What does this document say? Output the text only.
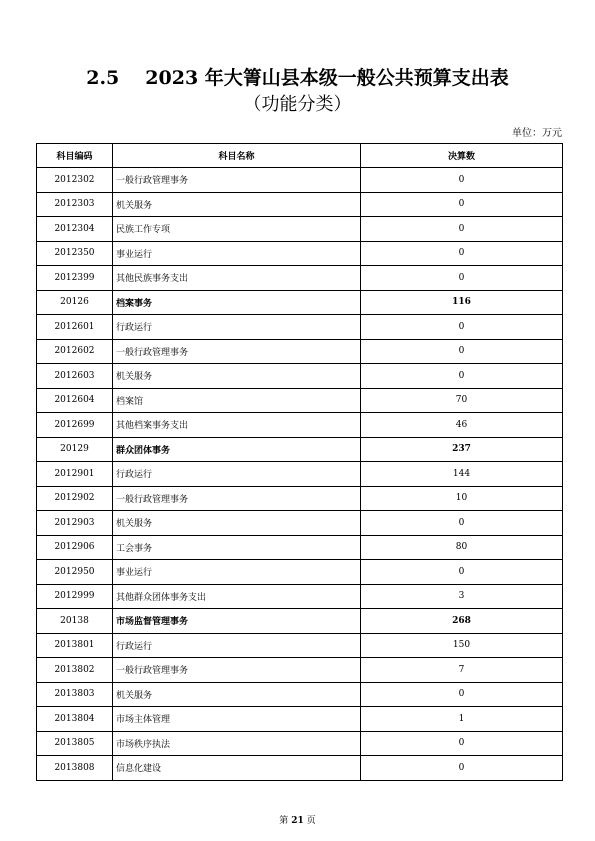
2.5 2023 年大箐山县本级一般公共预算支出表
（功能分类）
单位：万元
科目编码	科目名称	决算数
2012302	一般行政管理事务	0
2012303	机关服务	0
2012304	民族工作专项	0
2012350	事业运行	0
2012399	其他民族事务支出	0
20126	档案事务	116
2012601	行政运行	0
2012602	一般行政管理事务	0
2012603	机关服务	0
2012604	档案馆	70
2012699	其他档案事务支出	46
20129	群众团体事务	237
2012901	行政运行	144
2012902	一般行政管理事务	10
2012903	机关服务	0
2012906	工会事务	80
2012950	事业运行	0
2012999	其他群众团体事务支出	3
20138	市场监督管理事务	268
2013801	行政运行	150
2013802	一般行政管理事务	7
2013803	机关服务	0
2013804	市场主体管理	1
2013805	市场秩序执法	0
2013808	信息化建设	0
第 21 页
